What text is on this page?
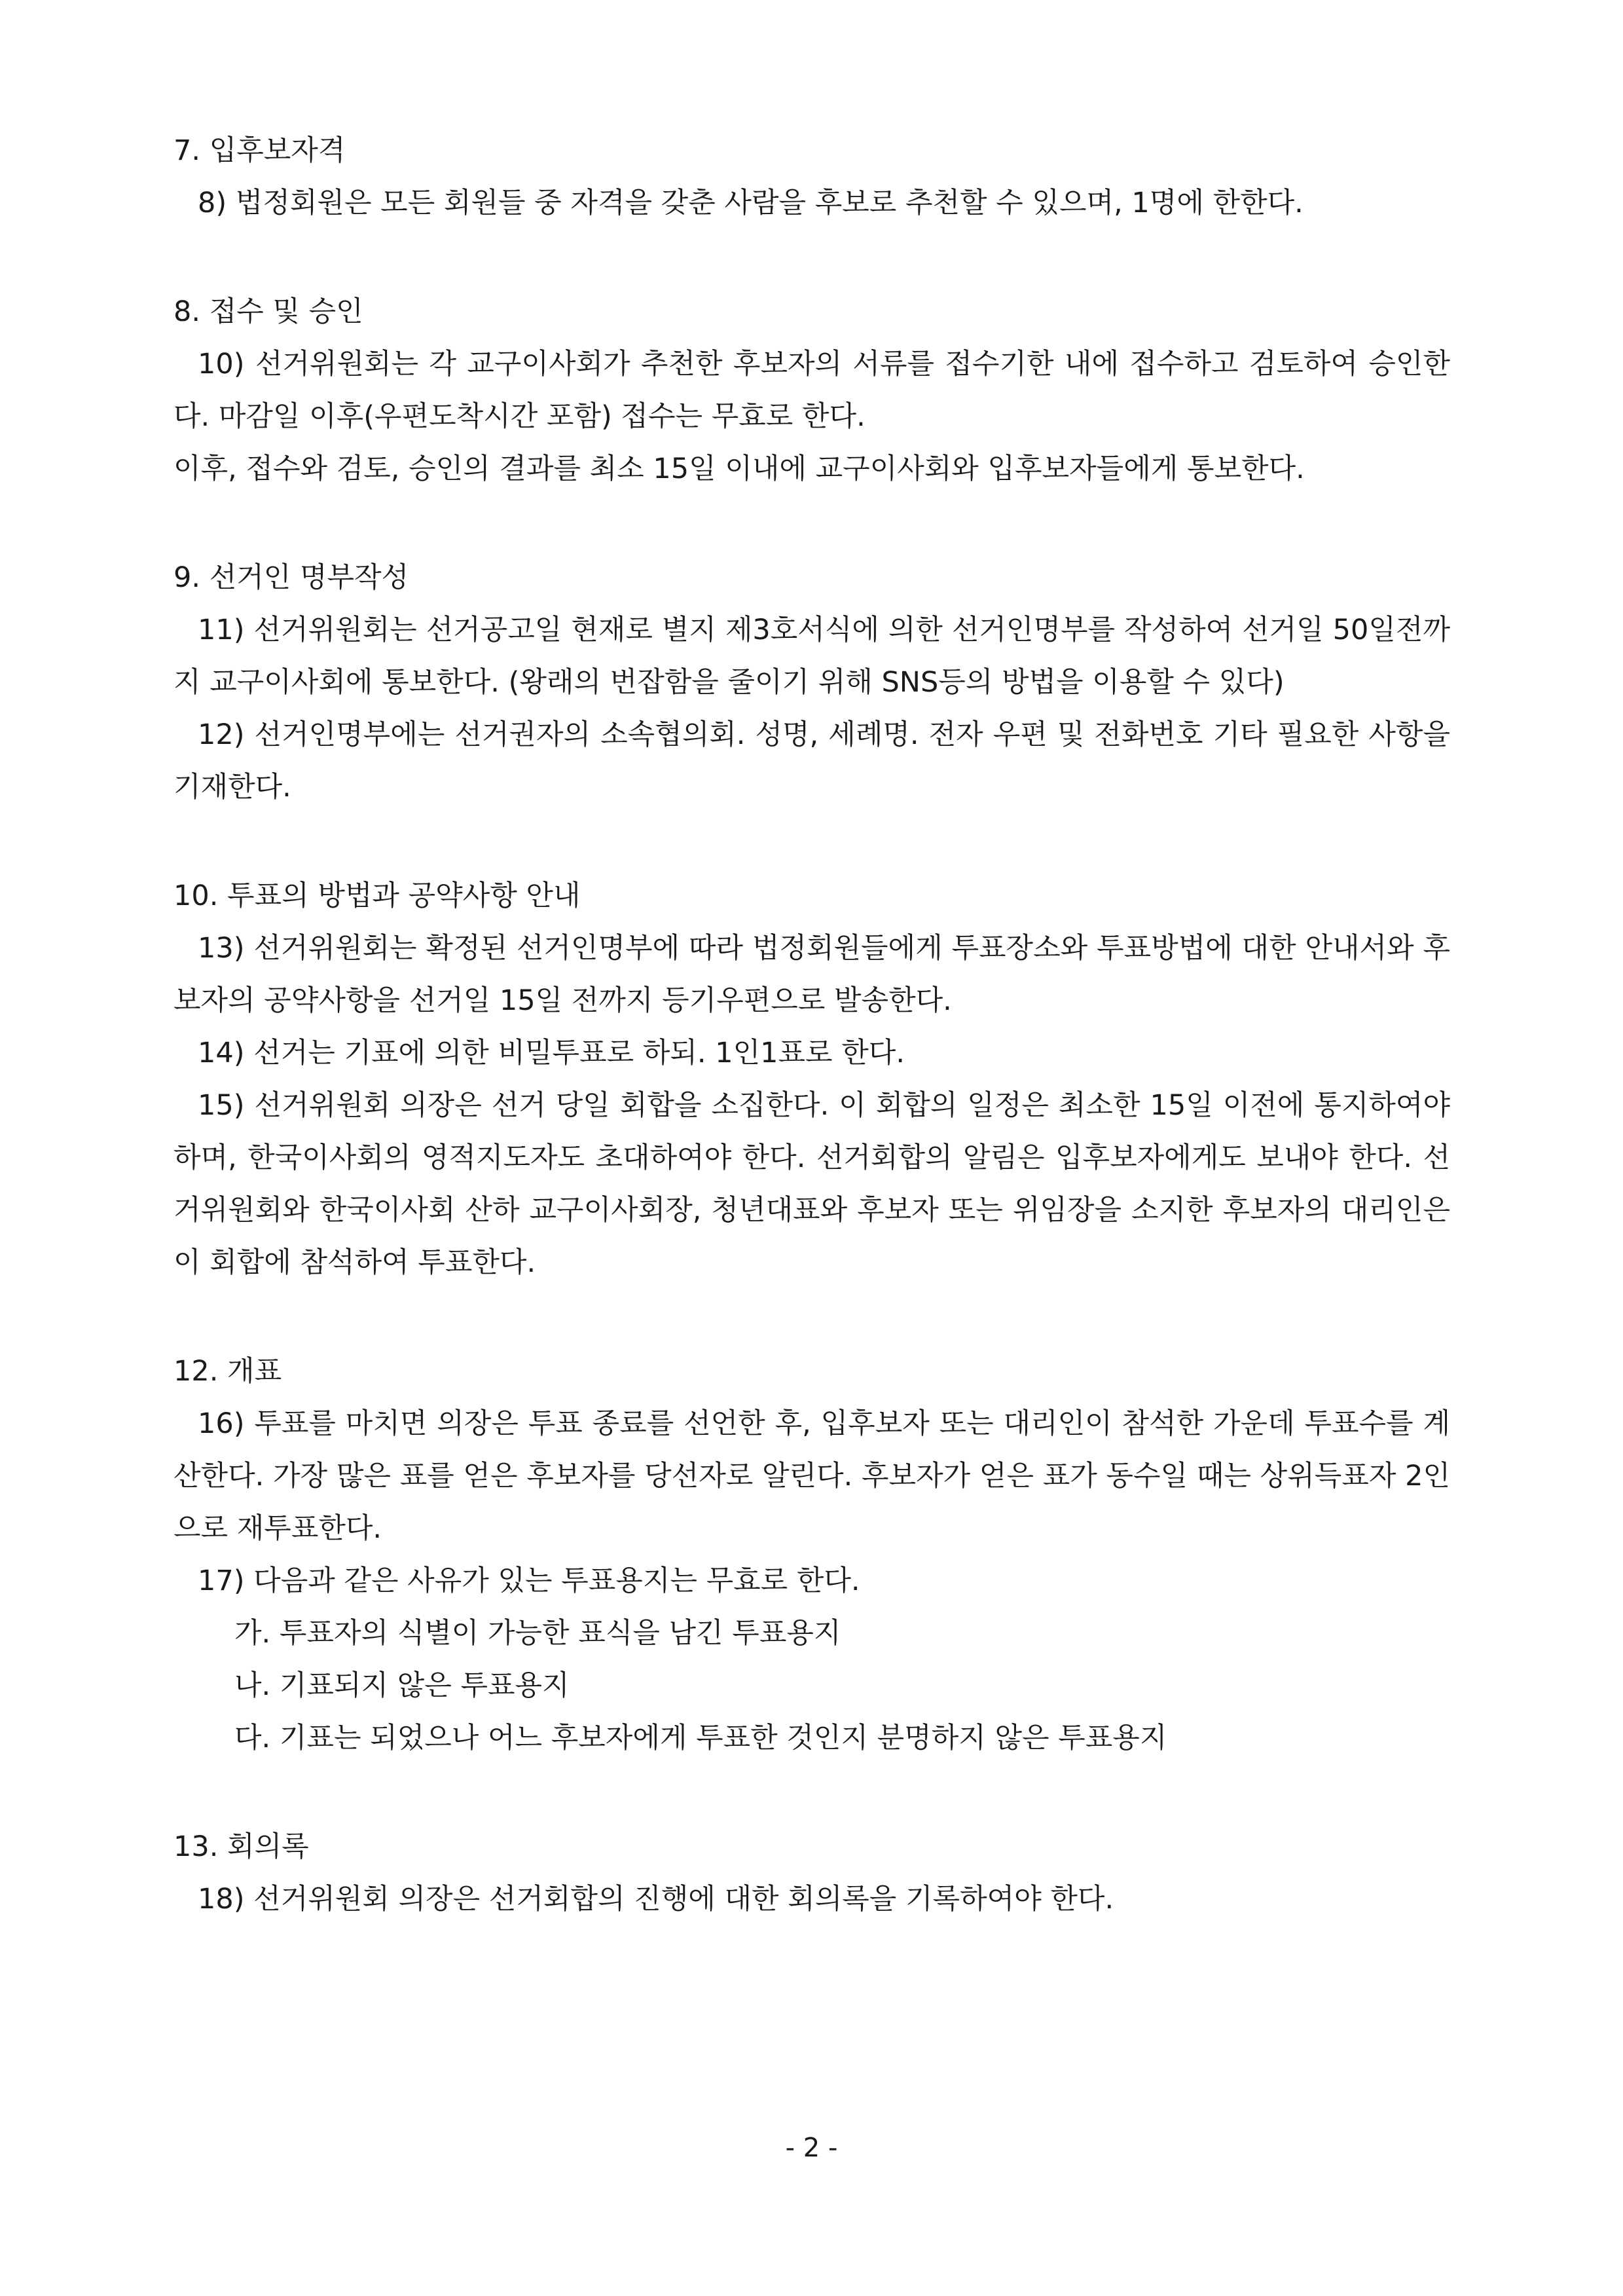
7. 입후보자격

8) 법정회원은 모든 회원들 중 자격을 갖춘 사람을 후보로 추천할 수 있으며, 1명에 한한다.

8. 접수 및 승인

10) 선거위원회는 각 교구이사회가 추천한 후보자의 서류를 접수기한 내에 접수하고 검토하여 승인한다. 마감일 이후(우편도착시간 포함) 접수는 무효로 한다.

이후, 접수와 검토, 승인의 결과를 최소 15일 이내에 교구이사회와 입후보자들에게 통보한다.

9. 선거인 명부작성

11) 선거위원회는 선거공고일 현재로 별지 제3호서식에 의한 선거인명부를 작성하여 선거일 50일전까지 교구이사회에 통보한다. (왕래의 번잡함을 줄이기 위해 SNS등의 방법을 이용할 수 있다)

12) 선거인명부에는 선거권자의 소속협의회. 성명, 세례명. 전자 우편 및 전화번호 기타 필요한 사항을 기재한다.

10. 투표의 방법과 공약사항 안내

13) 선거위원회는 확정된 선거인명부에 따라 법정회원들에게 투표장소와 투표방법에 대한 안내서와 후보자의 공약사항을 선거일 15일 전까지 등기우편으로 발송한다.

14) 선거는 기표에 의한 비밀투표로 하되. 1인1표로 한다.

15) 선거위원회 의장은 선거 당일 회합을 소집한다. 이 회합의 일정은 최소한 15일 이전에 통지하여야 하며, 한국이사회의 영적지도자도 초대하여야 한다. 선거회합의 알림은 입후보자에게도 보내야 한다. 선거위원회와 한국이사회 산하 교구이사회장, 청년대표와 후보자 또는 위임장을 소지한 후보자의 대리인은 이 회합에 참석하여 투표한다.

12. 개표

16) 투표를 마치면 의장은 투표 종료를 선언한 후, 입후보자 또는 대리인이 참석한 가운데 투표수를 계산한다. 가장 많은 표를 얻은 후보자를 당선자로 알린다. 후보자가 얻은 표가 동수일 때는 상위득표자 2인으로 재투표한다.

17) 다음과 같은 사유가 있는 투표용지는 무효로 한다.

가. 투표자의 식별이 가능한 표식을 남긴 투표용지

나. 기표되지 않은 투표용지

다. 기표는 되었으나 어느 후보자에게 투표한 것인지 분명하지 않은 투표용지

13. 회의록

18) 선거위원회 의장은 선거회합의 진행에 대한 회의록을 기록하여야 한다.

- 2 -
